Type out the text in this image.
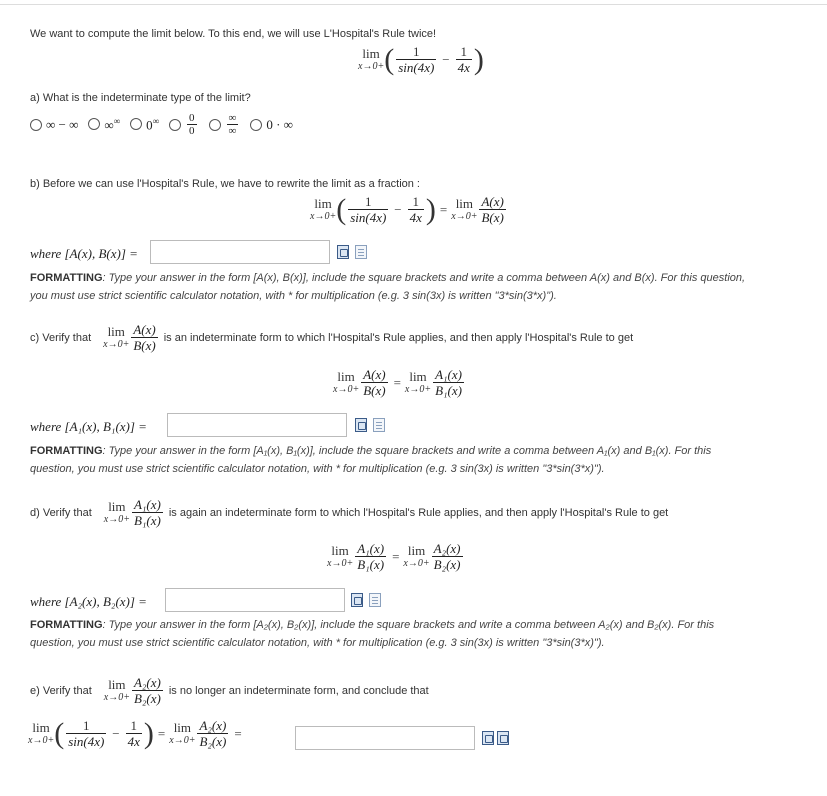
We want to compute the limit below. To this end, we will use L'Hospital's Rule twice!
lim
x→0+ ( $\frac{1}{\sin(4x)} - \frac{1}{4x}$ )
a) What is the indeterminate type of the limit?
∞ − ∞ ∞∞ 0∞	$\frac{0}{0}$	$\frac{\infty}{\infty} 0$ · ∞
b) Before we can use l'Hospital's Rule, we have to rewrite the limit as a fraction :
lim
x→0+ ( $\frac{1}{\sin(4x)} - \frac{1}{4x}$ ) = lim
$x\to 0+ \frac{A(x)}{B(x)}$
where [A(x), B(x)] =
FORMATTING: Type your answer in the form [A(x), B(x)], include the square brackets and write a comma between A(x) and B(x). For this question,
you must use strict scientific calculator notation, with * for multiplication (e.g. 3 sin(3x) is written "3*sin(3*x)").
c) Verify that lim
$x\to 0+ \frac{A(x)}{B(x)}$ is an indeterminate form to which l'Hospital's Rule applies, and then apply l'Hospital's Rule to get
lim
$x\to 0+ \frac{A(x)}{B(x)} = \lim$
$x\to 0+ \frac{\text{A₁(x)}}{\text{B₁(x)}}$
where [A₁(x), B₁(x)] =
FORMATTING: Type your answer in the form [A₁(x), B₁(x)], include the square brackets and write a comma between A₁(x) and B₁(x). For this
question, you must use strict scientific calculator notation, with * for multiplication (e.g. 3 sin(3x) is written "3*sin(3*x)").
d) Verify that lim
$x\to 0+ \frac{\text{A₁(x)}}{\text{B₁(x)}}$ is again an indeterminate form to which l'Hospital's Rule applies, and then apply l'Hospital's Rule to get
lim
$x\to 0+ \frac{\text{A₁(x)}}{\text{B₁(x)}} = \lim$
$x\to 0+ \frac{\text{A₂(x)}}{\text{B₂(x)}}$
where [A₂(x), B₂(x)] =
FORMATTING: Type your answer in the form [A₂(x), B₂(x)], include the square brackets and write a comma between A₂(x) and B₂(x). For this
question, you must use strict scientific calculator notation, with * for multiplication (e.g. 3 sin(3x) is written "3*sin(3*x)").
e) Verify that lim
$x\to 0+ \frac{\text{A₂(x)}}{\text{B₂(x)}}$ is no longer an indeterminate form, and conclude that
lim
x→0+ ( $\frac{1}{\sin(4x)} - \frac{1}{4x}$ ) = lim
$x\to 0+ \frac{\text{A₂(x)}}{\text{B₂(x)}}$ =
